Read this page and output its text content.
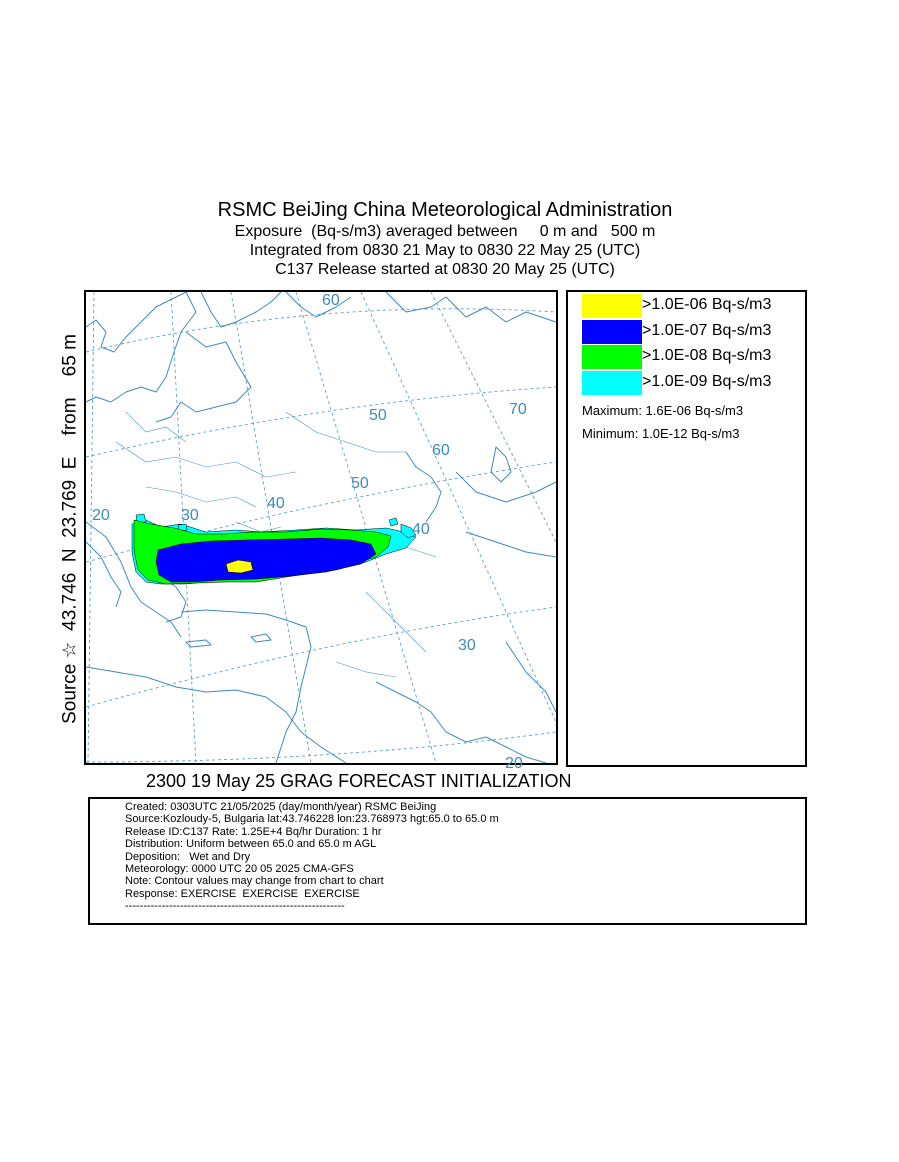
RSMC BeiJing China Meteorological Administration
Exposure  (Bq-s/m3) averaged between     0 m and   500 m
Integrated from 0830 21 May to 0830 22 May 25 (UTC)
C137 Release started at 0830 20 May 25 (UTC)
Source ☆  43.746  N  23.769  E    from    65 m
60
50	70
60
50
40
30
20
40
30
20
>1.0E-06 Bq-s/m3
>1.0E-07 Bq-s/m3
>1.0E-08 Bq-s/m3
>1.0E-09 Bq-s/m3
Maximum: 1.6E-06 Bq-s/m3
Minimum: 1.0E-12 Bq-s/m3
2300 19 May 25 GRAG FORECAST INITIALIZATION
Created: 0303UTC 21/05/2025 (day/month/year) RSMC BeiJing
Source:Kozloudy-5, Bulgaria lat:43.746228 lon:23.768973 hgt:65.0 to 65.0 m
Release ID:C137 Rate: 1.25E+4 Bq/hr Duration: 1 hr
Distribution: Uniform between 65.0 and 65.0 m AGL
Deposition:   Wet and Dry
Meteorology: 0000 UTC 20 05 2025 CMA-GFS
Note: Contour values may change from chart to chart
Response: EXERCISE  EXERCISE  EXERCISE
------------------------------------------------------------
